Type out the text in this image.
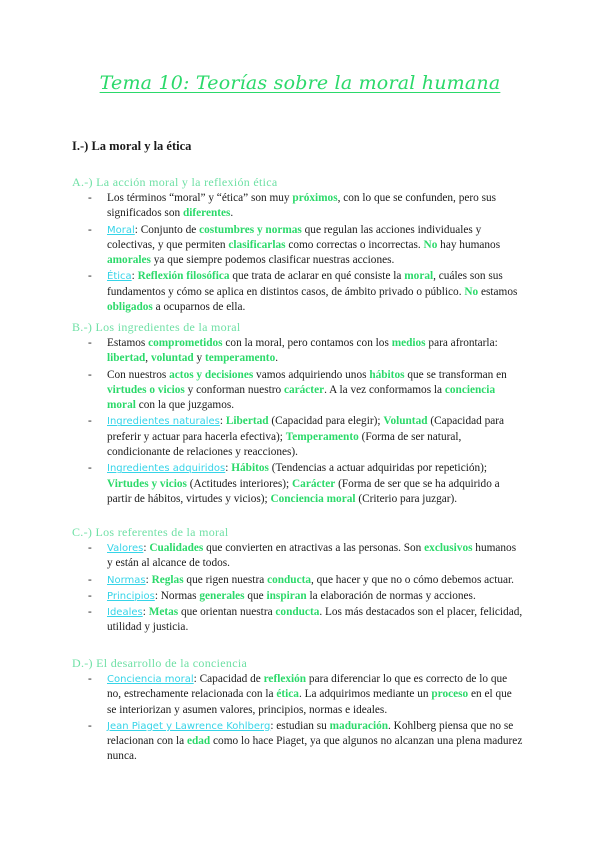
Tema 10: Teorías sobre la moral humana
I.-) La moral y la ética
A.-) La acción moral y la reflexión ética
- Los términos “moral” y “ética” son muy próximos, con lo que se confunden, pero sus significados son diferentes.
- Moral: Conjunto de costumbres y normas que regulan las acciones individuales y colectivas, y que permiten clasificarlas como correctas o incorrectas. No hay humanos amorales ya que siempre podemos clasificar nuestras acciones.
- Ética: Reflexión filosófica que trata de aclarar en qué consiste la moral, cuáles son sus fundamentos y cómo se aplica en distintos casos, de ámbito privado o público. No estamos obligados a ocuparnos de ella.
B.-) Los ingredientes de la moral
- Estamos comprometidos con la moral, pero contamos con los medios para afrontarla: libertad, voluntad y temperamento.
- Con nuestros actos y decisiones vamos adquiriendo unos hábitos que se transforman en virtudes o vicios y conforman nuestro carácter. A la vez conformamos la conciencia moral con la que juzgamos.
- Ingredientes naturales: Libertad (Capacidad para elegir); Voluntad (Capacidad para preferir y actuar para hacerla efectiva); Temperamento (Forma de ser natural, condicionante de relaciones y reacciones).
- Ingredientes adquiridos: Hábitos (Tendencias a actuar adquiridas por repetición); Virtudes y vicios (Actitudes interiores); Carácter (Forma de ser que se ha adquirido a partir de hábitos, virtudes y vicios); Conciencia moral (Criterio para juzgar).
C.-) Los referentes de la moral
- Valores: Cualidades que convierten en atractivas a las personas. Son exclusivos humanos y están al alcance de todos.
- Normas: Reglas que rigen nuestra conducta, que hacer y que no o cómo debemos actuar.
- Principios: Normas generales que inspiran la elaboración de normas y acciones.
- Ideales: Metas que orientan nuestra conducta. Los más destacados son el placer, felicidad, utilidad y justicia.
D.-) El desarrollo de la conciencia
- Conciencia moral: Capacidad de reflexión para diferenciar lo que es correcto de lo que no, estrechamente relacionada con la ética. La adquirimos mediante un proceso en el que se interiorizan y asumen valores, principios, normas e ideales.
- Jean Piaget y Lawrence Kohlberg: estudian su maduración. Kohlberg piensa que no se relacionan con la edad como lo hace Piaget, ya que algunos no alcanzan una plena madurez nunca.
